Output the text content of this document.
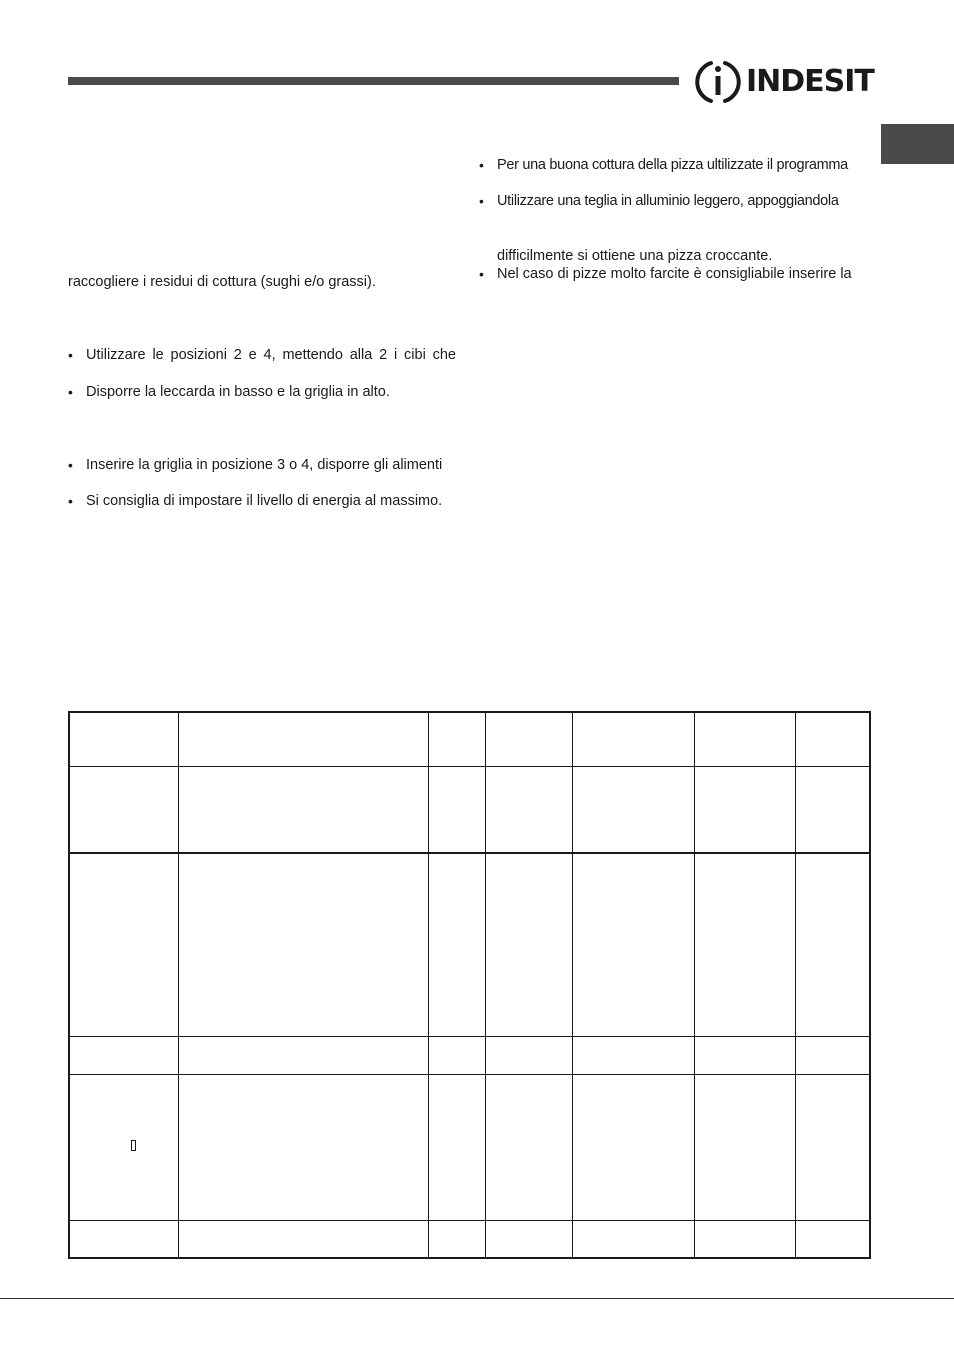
INDESIT
raccogliere i residui di cottura (sughi e/o grassi).
• Utilizzare le posizioni 2 e 4, mettendo alla 2 i cibi che
• Disporre la leccarda in basso e la griglia in alto.
• Inserire la griglia in posizione 3 o 4, disporre gli alimenti
• Si consiglia di impostare il livello di energia al massimo.
• Per una buona cottura della pizza ultilizzate il programma
• Utilizzare una teglia in alluminio leggero, appoggiandola
difficilmente si ottiene una pizza croccante.
• Nel caso di pizze molto farcite è consigliabile inserire la
